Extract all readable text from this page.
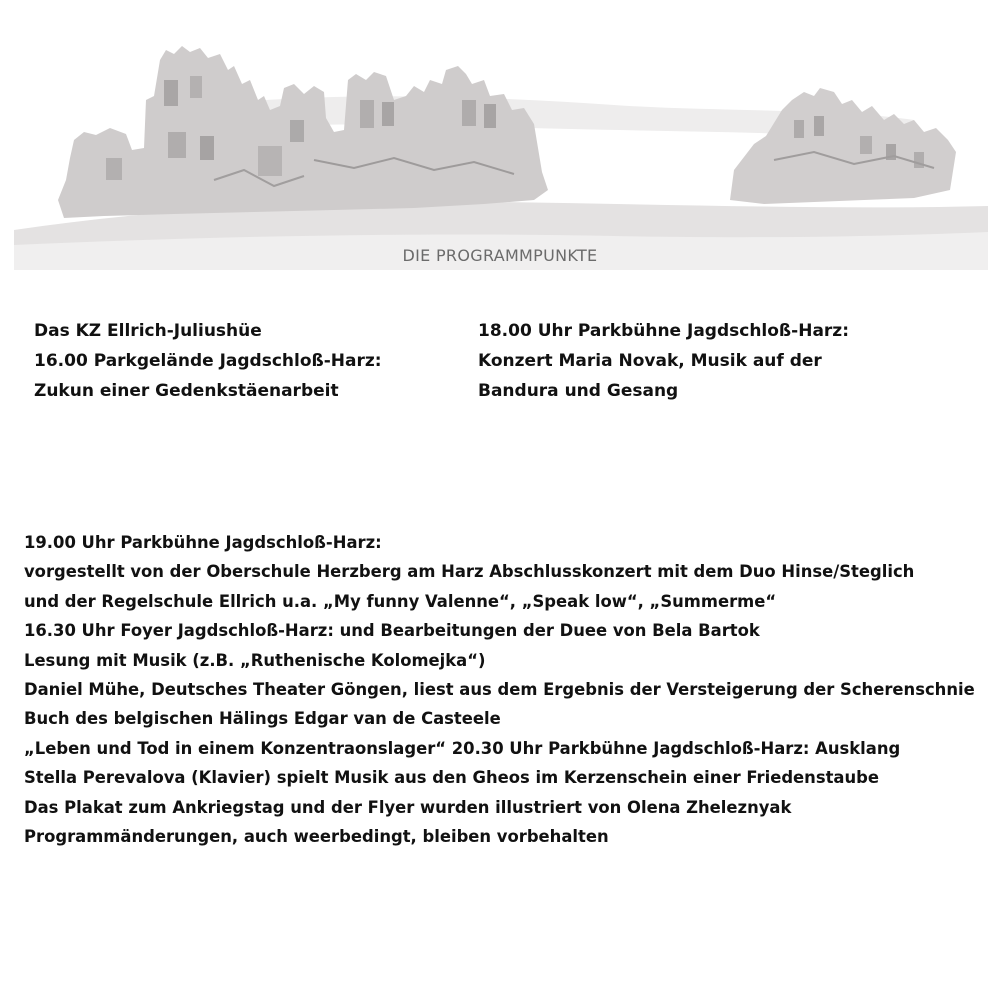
DIE PROGRAMMPUNKTE
Das KZ Ellrich-Juliushüe
16.00 Parkgelände Jagdschloß-Harz:
Zukun einer Gedenkstäenarbeit
18.00 Uhr Parkbühne Jagdschloß-Harz:
Konzert Maria Novak, Musik auf der
Bandura und Gesang
19.00 Uhr Parkbühne Jagdschloß-Harz:
vorgestellt von der Oberschule Herzberg am Harz Abschlusskonzert mit dem Duo Hinse/Steglich
und der Regelschule Ellrich u.a. „My funny Valenne“, „Speak low“, „Summerme“
16.30 Uhr Foyer Jagdschloß-Harz: und Bearbeitungen der Duee von Bela Bartok
Lesung mit Musik (z.B. „Ruthenische Kolomejka“)
Daniel Mühe, Deutsches Theater Göngen, liest aus dem Ergebnis der Versteigerung der Scherenschnie
Buch des belgischen Hälings Edgar van de Casteele
„Leben und Tod in einem Konzentraonslager“ 20.30 Uhr Parkbühne Jagdschloß-Harz: Ausklang
Stella Perevalova (Klavier) spielt Musik aus den Gheos im Kerzenschein einer Friedenstaube
Das Plakat zum Ankriegstag und der Flyer wurden illustriert von Olena Zheleznyak
Programmänderungen, auch weerbedingt, bleiben vorbehalten
